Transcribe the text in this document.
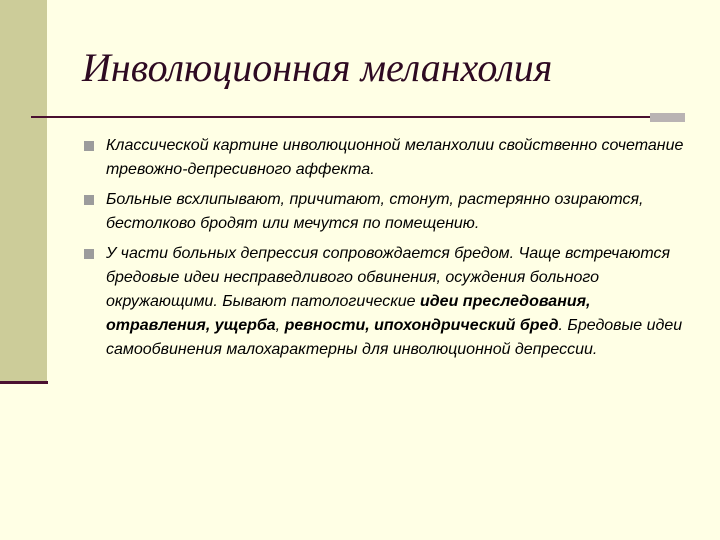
Инволюционная меланхолия
Классической картине инволюционной меланхолии свойственно сочетание тревожно-депресивного аффекта.
Больные всхлипывают, причитают, стонут, растерянно озираются, бестолково бродят или мечутся по помещению.
У части больных депрессия сопровождается бредом. Чаще встречаются бредовые идеи несправедливого обвинения, осуждения больного окружающими. Бывают патологические идеи преследования, отравления, ущерба, ревности, ипохондрический бред. Бредовые идеи самообвинения малохарактерны для инволюционной депрессии.
